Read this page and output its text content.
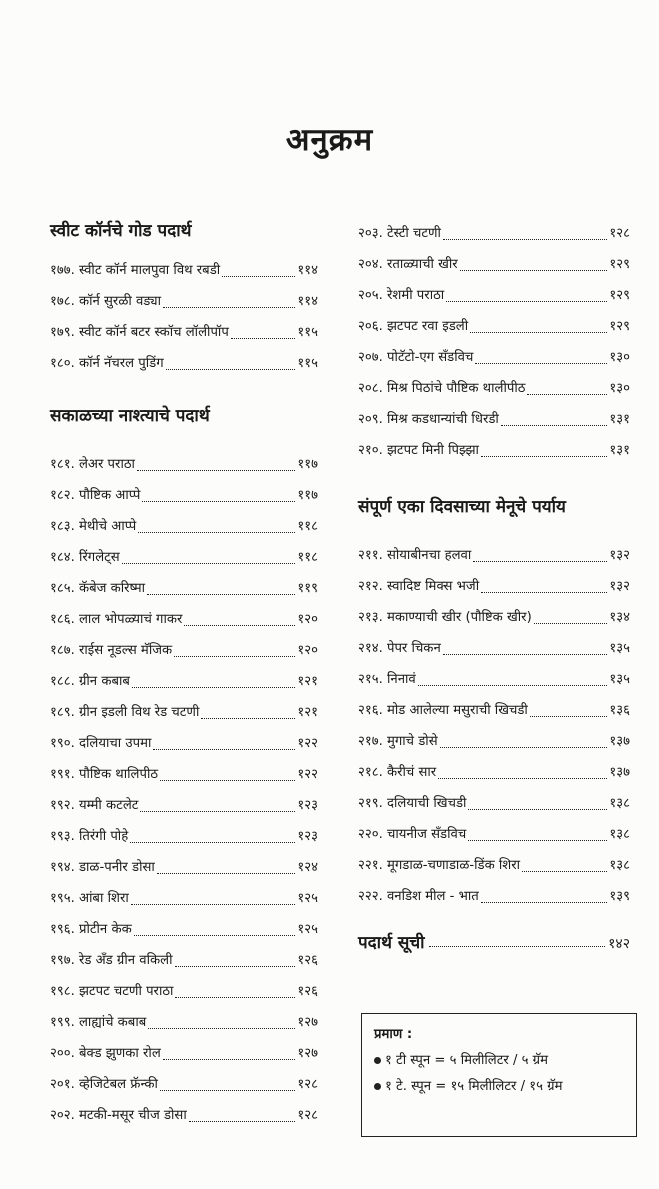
अनुक्रम
स्वीट कॉर्नचे गोड पदार्थ
१७७. स्वीट कॉर्न मालपुवा विथ रबडी	११४
१७८. कॉर्न सुरळी वड्या	११४
१७९. स्वीट कॉर्न बटर स्कॉच लॉलीपॉप	११५
१८०. कॉर्न नॅचरल पुडिंग	११५
सकाळच्या नाश्त्याचे पदार्थ
१८१. लेअर पराठा	११७
१८२. पौष्टिक आप्पे	११७
१८३. मेथीचे आप्पे	११८
१८४. रिंगलेट्स	११८
१८५. कॅबेज करिष्मा	११९
१८६. लाल भोपळ्याचं गाकर	१२०
१८७. राईस नूडल्स मॅजिक	१२०
१८८. ग्रीन कबाब	१२१
१८९. ग्रीन इडली विथ रेड चटणी	१२१
१९०. दलियाचा उपमा	१२२
१९१. पौष्टिक थालिपीठ	१२२
१९२. यम्मी कटलेट	१२३
१९३. तिरंगी पोहे	१२३
१९४. डाळ-पनीर डोसा	१२४
१९५. आंबा शिरा	१२५
१९६. प्रोटीन केक	१२५
१९७. रेड अँड ग्रीन वकिली	१२६
१९८. झटपट चटणी पराठा	१२६
१९९. लाह्यांचे कबाब	१२७
२००. बेक्ड झुणका रोल	१२७
२०१. व्हेजिटेबल फ्रॅन्की	१२८
२०२. मटकी-मसूर चीज डोसा	१२८
२०३. टेस्टी चटणी	१२८
२०४. रताळ्याची खीर	१२९
२०५. रेशमी पराठा	१२९
२०६. झटपट रवा इडली	१२९
२०७. पोटॅटो-एग सॅंडविच	१३०
२०८. मिश्र पिठांचे पौष्टिक थालीपीठ	१३०
२०९. मिश्र कडधान्यांची धिरडी	१३१
२१०. झटपट मिनी पिझ्झा	१३१
संपूर्ण एका दिवसाच्या मेनूचे पर्याय
२११. सोयाबीनचा हलवा	१३२
२१२. स्वादिष्ट मिक्स भजी	१३२
२१३. मकाण्याची खीर (पौष्टिक खीर)	१३४
२१४. पेपर चिकन	१३५
२१५. निनावं	१३५
२१६. मोड आलेल्या मसुराची खिचडी	१३६
२१७. मुगाचे डोसे	१३७
२१८. कैरीचं सार	१३७
२१९. दलियाची खिचडी	१३८
२२०. चायनीज सॅंडविच	१३८
२२१. मूगडाळ-चणाडाळ-डिंक शिरा	१३८
२२२. वनडिश मील - भात	१३९
पदार्थ सूची	१४२
प्रमाण :
१ टी स्पून = ५ मिलीलिटर / ५ ग्रॅम
१ टे. स्पून = १५ मिलीलिटर / १५ ग्रॅम
